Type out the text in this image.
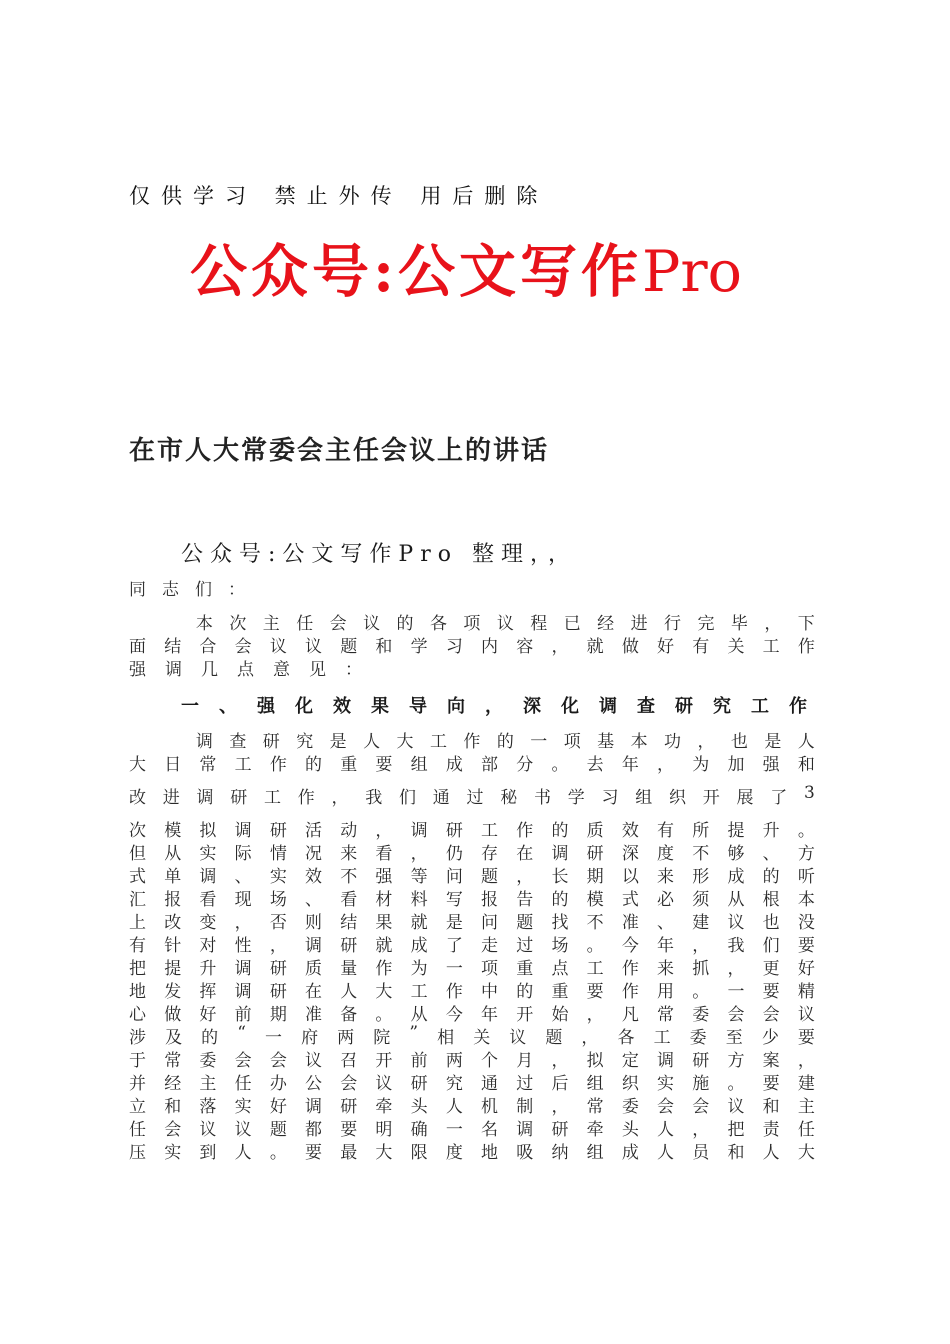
仅供学习 禁止外传 用后删除
公众号:公文写作Pro
在市人大常委会主任会议上的讲话
公众号:公文写作Pro 整理，，
同志们：

本 次 主 任 会 议 的 各 项 议 程 已 经 进 行 完 毕 ， 下
面 结 合 会 议 议 题 和 学 习 内 容 ， 就 做 好 有 关 工 作
强 调 几 点 意 见 ：
一、强化效果导向，深化调查研究工作

调 查 研 究 是 人 大 工 作 的 一 项 基 本 功 ， 也 是 人
大 日 常 工 作 的 重 要 组 成 部 分 。 去 年 ， 为 加 强 和
改 进 调 研 工 作 ， 我 们 通 过 秘 书 学 习 组 织 开 展 了 3
次 模 拟 调 研 活 动 ， 调 研 工 作 的 质 效 有 所 提 升 。
但 从 实 际 情 况 来 看 ， 仍 存 在 调 研 深 度 不 够 、 方
式 单 调 、 实 效 不 强 等 问 题 ， 长 期 以 来 形 成 的 听
汇 报 看 现 场 、 看 材 料 写 报 告 的 模 式 必 须 从 根 本
上 改 变 ， 否 则 结 果 就 是 问 题 找 不 准 、 建 议 也 没
有 针 对 性 ， 调 研 就 成 了 走 过 场 。 今 年 ， 我 们 要
把 提 升 调 研 质 量 作 为 一 项 重 点 工 作 来 抓 ， 更 好
地 发 挥 调 研 在 人 大 工 作 中 的 重 要 作 用 。 一 要 精
心 做 好 前 期 准 备 。 从 今 年 开 始 ， 凡 常 委 会 会 议
涉 及 的 “ 一 府 两 院 ” 相 关 议 题 ， 各 工 委 至 少 要
于 常 委 会 会 议 召 开 前 两 个 月 ， 拟 定 调 研 方 案 ，
并 经 主 任 办 公 会 议 研 究 通 过 后 组 织 实 施 。 要 建
立 和 落 实 好 调 研 牵 头 人 机 制 ， 常 委 会 会 议 和 主
任 会 议 议 题 都 要 明 确 一 名 调 研 牵 头 人 ， 把 责 任
压 实 到 人 。 要 最 大 限 度 地 吸 纳 组 成 人 员 和 人 大
